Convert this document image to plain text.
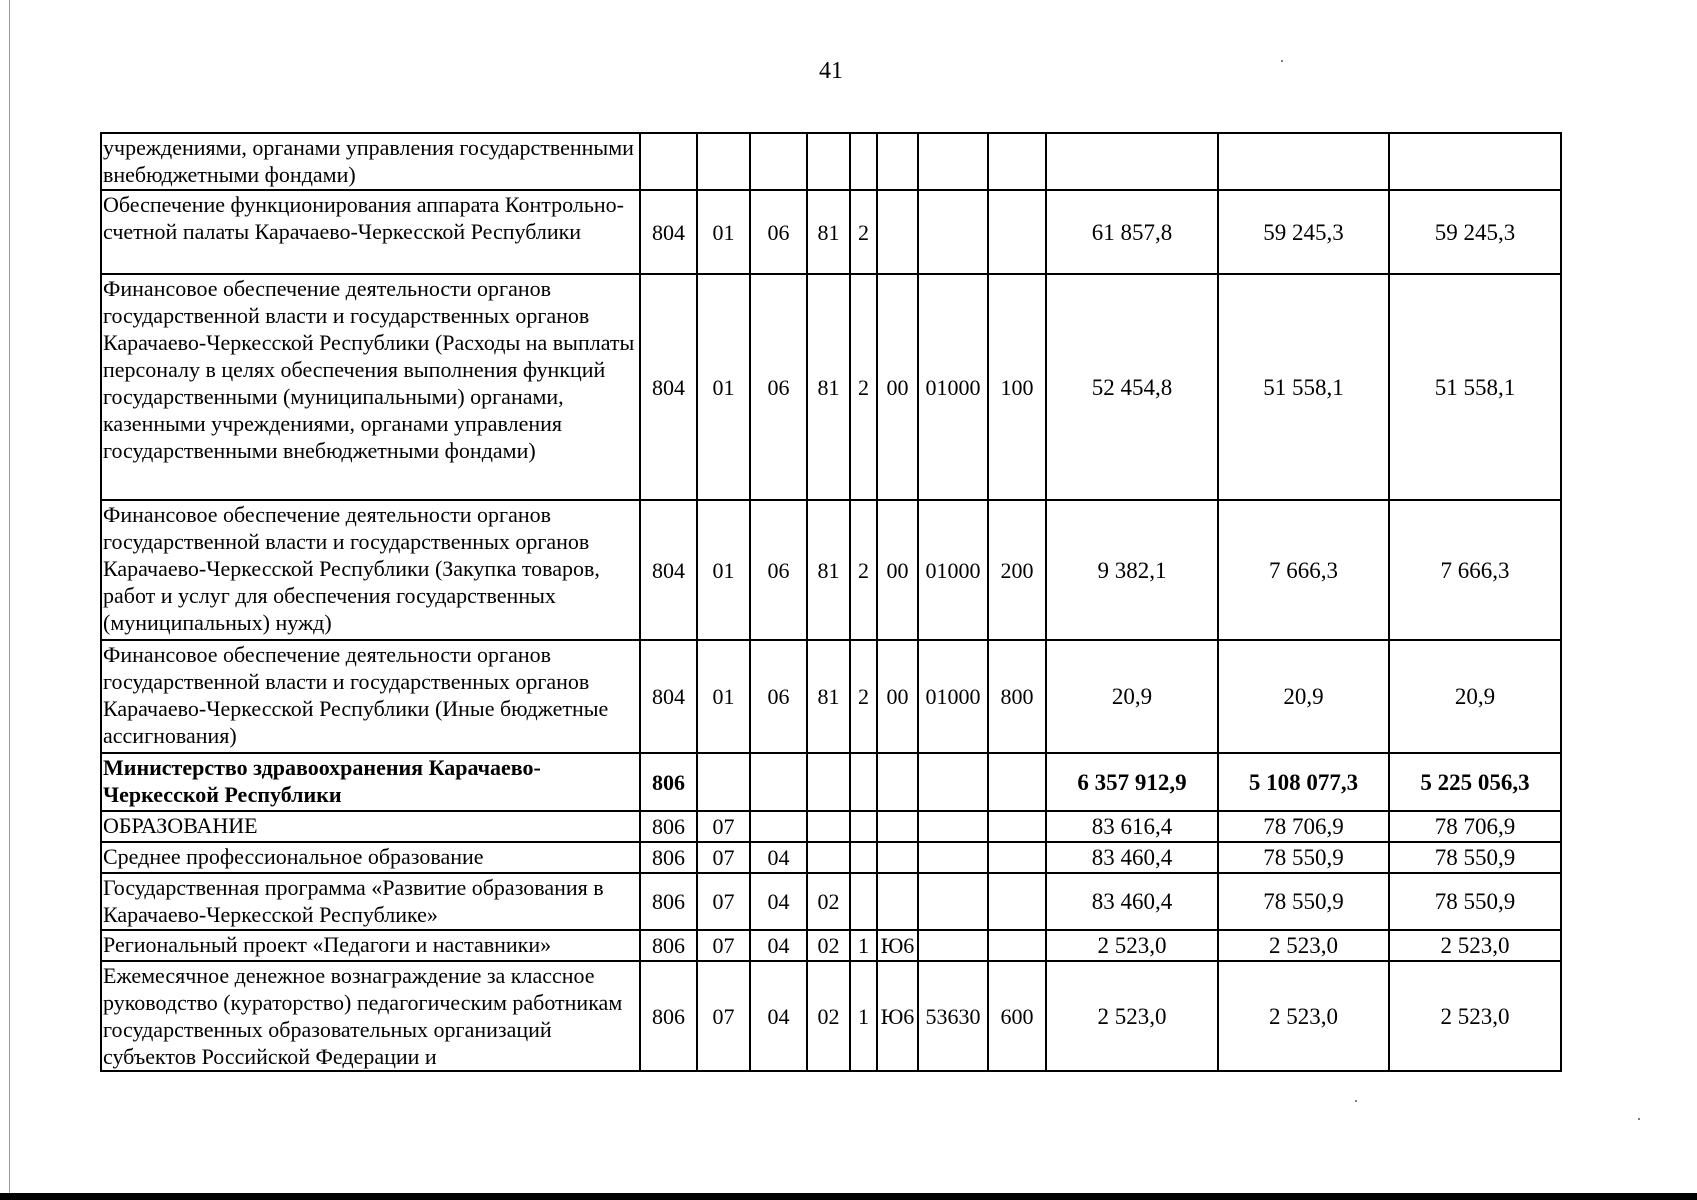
41
учреждениями, органами управления государственными внебюджетными фондами)											
Обеспечение функционирования аппарата Контрольно-счетной палаты Карачаево-Черкесской Республики	804	01	06	81	2				61 857,8	59 245,3	59 245,3
Финансовое обеспечение деятельности органов государственной власти и государственных органов Карачаево-Черкесской Республики (Расходы на выплаты персоналу в целях обеспечения выполнения функций государственными (муниципальными) органами, казенными учреждениями, органами управления государственными внебюджетными фондами)	804	01	06	81	2	00	01000	100	52 454,8	51 558,1	51 558,1
Финансовое обеспечение деятельности органов государственной власти и государственных органов Карачаево-Черкесской Республики (Закупка товаров, работ и услуг для обеспечения государственных (муниципальных) нужд)	804	01	06	81	2	00	01000	200	9 382,1	7 666,3	7 666,3
Финансовое обеспечение деятельности органов государственной власти и государственных органов Карачаево-Черкесской Республики (Иные бюджетные ассигнования)	804	01	06	81	2	00	01000	800	20,9	20,9	20,9
Министерство здравоохранения Карачаево-Черкесской Республики	806								6 357 912,9	5 108 077,3	5 225 056,3
ОБРАЗОВАНИЕ	806	07							83 616,4	78 706,9	78 706,9
Среднее профессиональное образование	806	07	04						83 460,4	78 550,9	78 550,9
Государственная программа «Развитие образования в Карачаево-Черкесской Республике»	806	07	04	02					83 460,4	78 550,9	78 550,9
Региональный проект «Педагоги и наставники»	806	07	04	02	1	Ю6			2 523,0	2 523,0	2 523,0
Ежемесячное денежное вознаграждение за классное руководство (кураторство) педагогическим работникам государственных образовательных организаций субъектов Российской Федерации и	806	07	04	02	1	Ю6	53630	600	2 523,0	2 523,0	2 523,0
